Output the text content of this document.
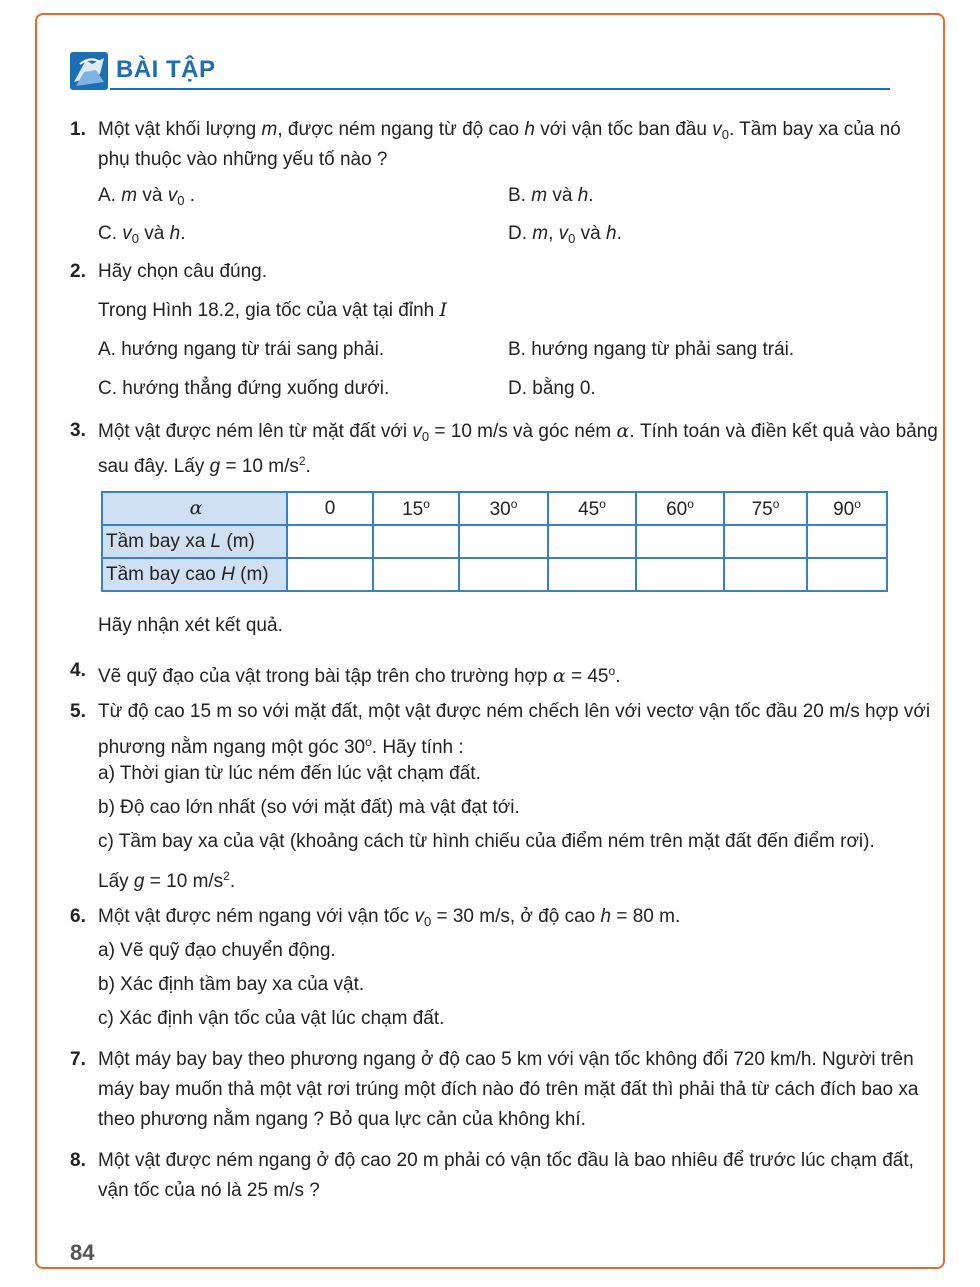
BÀI TẬP
1. Một vật khối lượng m, được ném ngang từ độ cao h với vận tốc ban đầu $v_0$. Tầm bay xa của nó
phụ thuộc vào những yếu tố nào ?
A. m và $v_0$ .	B. m và h.
C. $v_0$ và h.	D. m, $v_0$ và h.
2. Hãy chọn câu đúng.
Trong Hình 18.2, gia tốc của vật tại đỉnh I
A. hướng ngang từ trái sang phải.	B. hướng ngang từ phải sang trái.
C. hướng thẳng đứng xuống dưới.	D. bằng 0.
3. Một vật được ném lên từ mặt đất với $v_0 = 10$ m/s và góc ném α. Tính toán và điền kết quả vào bảng
sau đây. Lấy g = 10 $m/s^2$.
α	0	15$^o$	30$^o$	45$^o$	60$^o$	75$^o$	90$^o$
Tầm bay xa L (m)							
Tầm bay cao H (m)							
Hãy nhận xét kết quả.
4. Vẽ quỹ đạo của vật trong bài tập trên cho trường hợp $\alpha = 45^o$.
5. Từ độ cao 15 m so với mặt đất, một vật được ném chếch lên với vectơ vận tốc đầu 20 m/s hợp với
phương nằm ngang một góc 30$^o$. Hãy tính :
a) Thời gian từ lúc ném đến lúc vật chạm đất.
b) Độ cao lớn nhất (so với mặt đất) mà vật đạt tới.
c) Tầm bay xa của vật (khoảng cách từ hình chiếu của điểm ném trên mặt đất đến điểm rơi).
Lấy g = 10 $m/s^2$.
6. Một vật được ném ngang với vận tốc $v_0 = 30$ m/s, ở độ cao h = 80 m.
a) Vẽ quỹ đạo chuyển động.
b) Xác định tầm bay xa của vật.
c) Xác định vận tốc của vật lúc chạm đất.
7. Một máy bay bay theo phương ngang ở độ cao 5 km với vận tốc không đổi 720 km/h. Người trên
máy bay muốn thả một vật rơi trúng một đích nào đó trên mặt đất thì phải thả từ cách đích bao xa
theo phương nằm ngang ? Bỏ qua lực cản của không khí.
8. Một vật được ném ngang ở độ cao 20 m phải có vận tốc đầu là bao nhiêu để trước lúc chạm đất,
vận tốc của nó là 25 m/s ?
84
